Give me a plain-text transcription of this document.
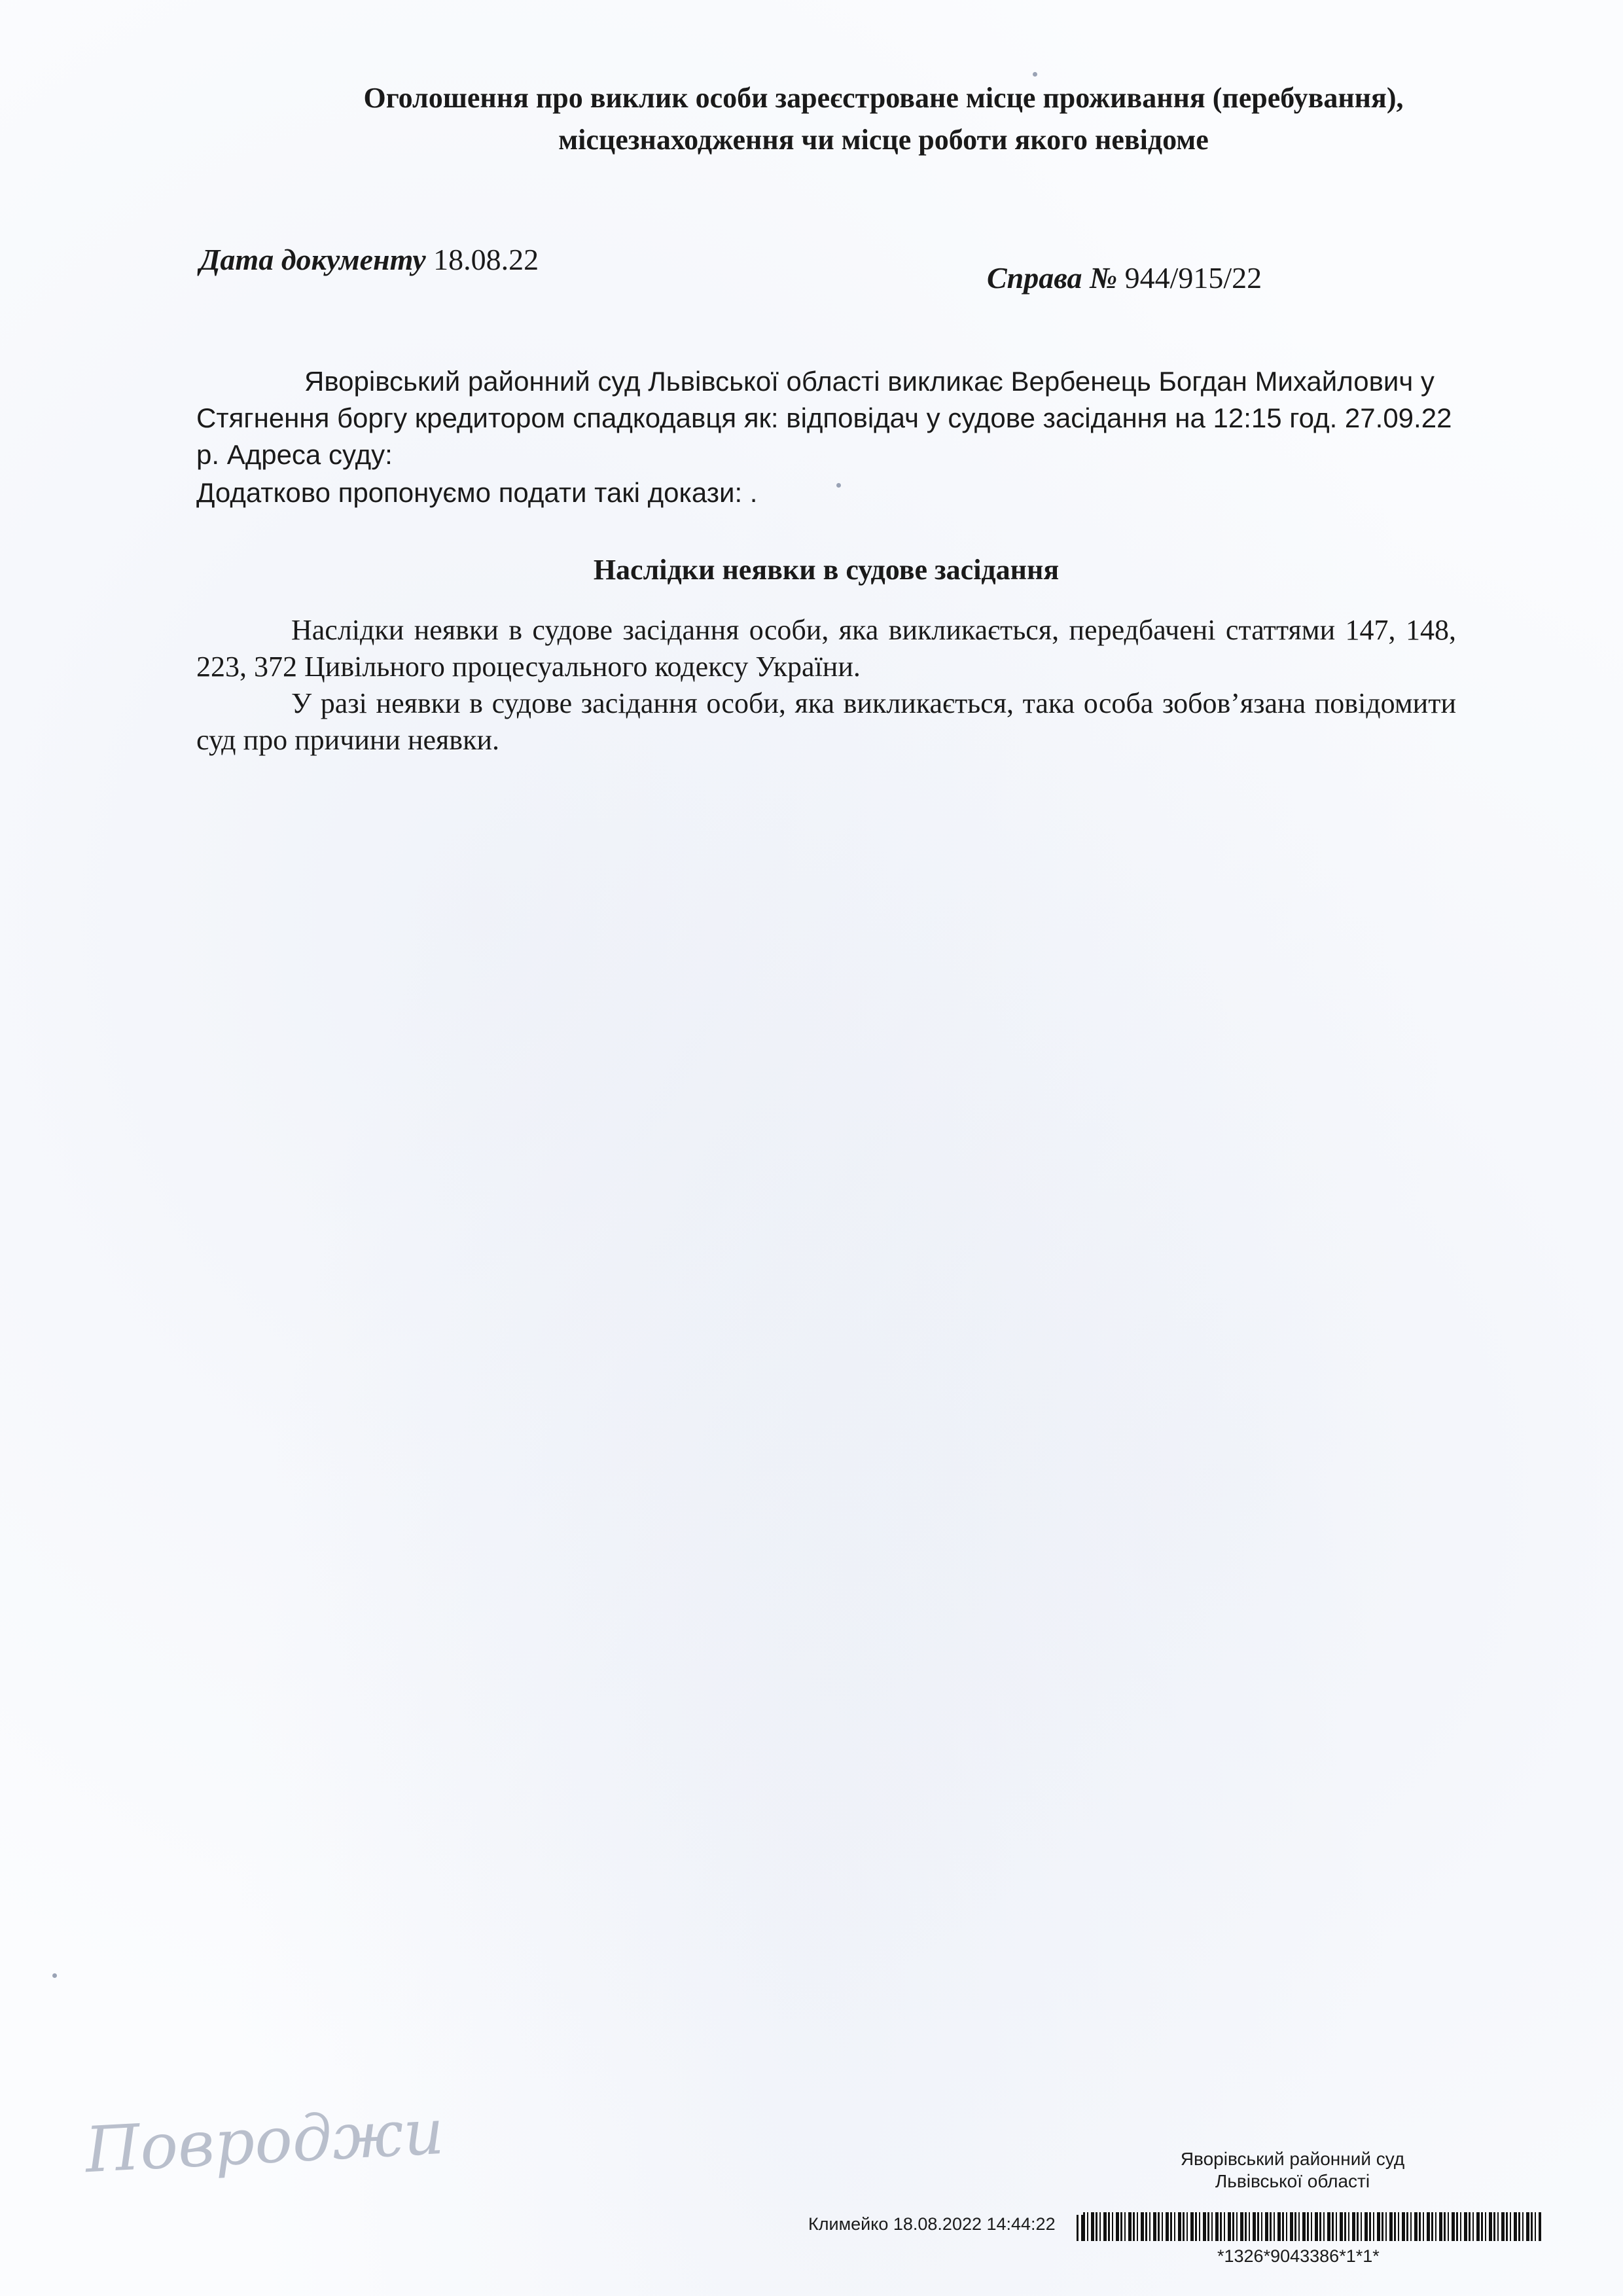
Оголошення про виклик особи зареєстроване місце проживання (перебування),
місцезнаходження чи місце роботи якого невідоме
Дата документу 18.08.22
Справа № 944/915/22
Яворівський районний суд Львівської області викликає Вербенець Богдан Михайлович у
Стягнення боргу кредитором спадкодавця як: відповідач у судове засідання на 12:15 год. 27.09.22
р. Адреса суду:
Додатково пропонуємо подати такі докази: .
Наслідки неявки в судове засідання

Наслідки неявки в судове засідання особи, яка викликається, передбачені статтями 147, 148, 223, 372 Цивільного процесуального кодексу України.

У разі неявки в судове засідання особи, яка викликається, така особа зобов’язана повідомити суд про причини неявки.

Повроджи	Яворівський районний суд
Львівської області
Климейко 18.08.2022 14:44:22
*1326*9043386*1*1*
